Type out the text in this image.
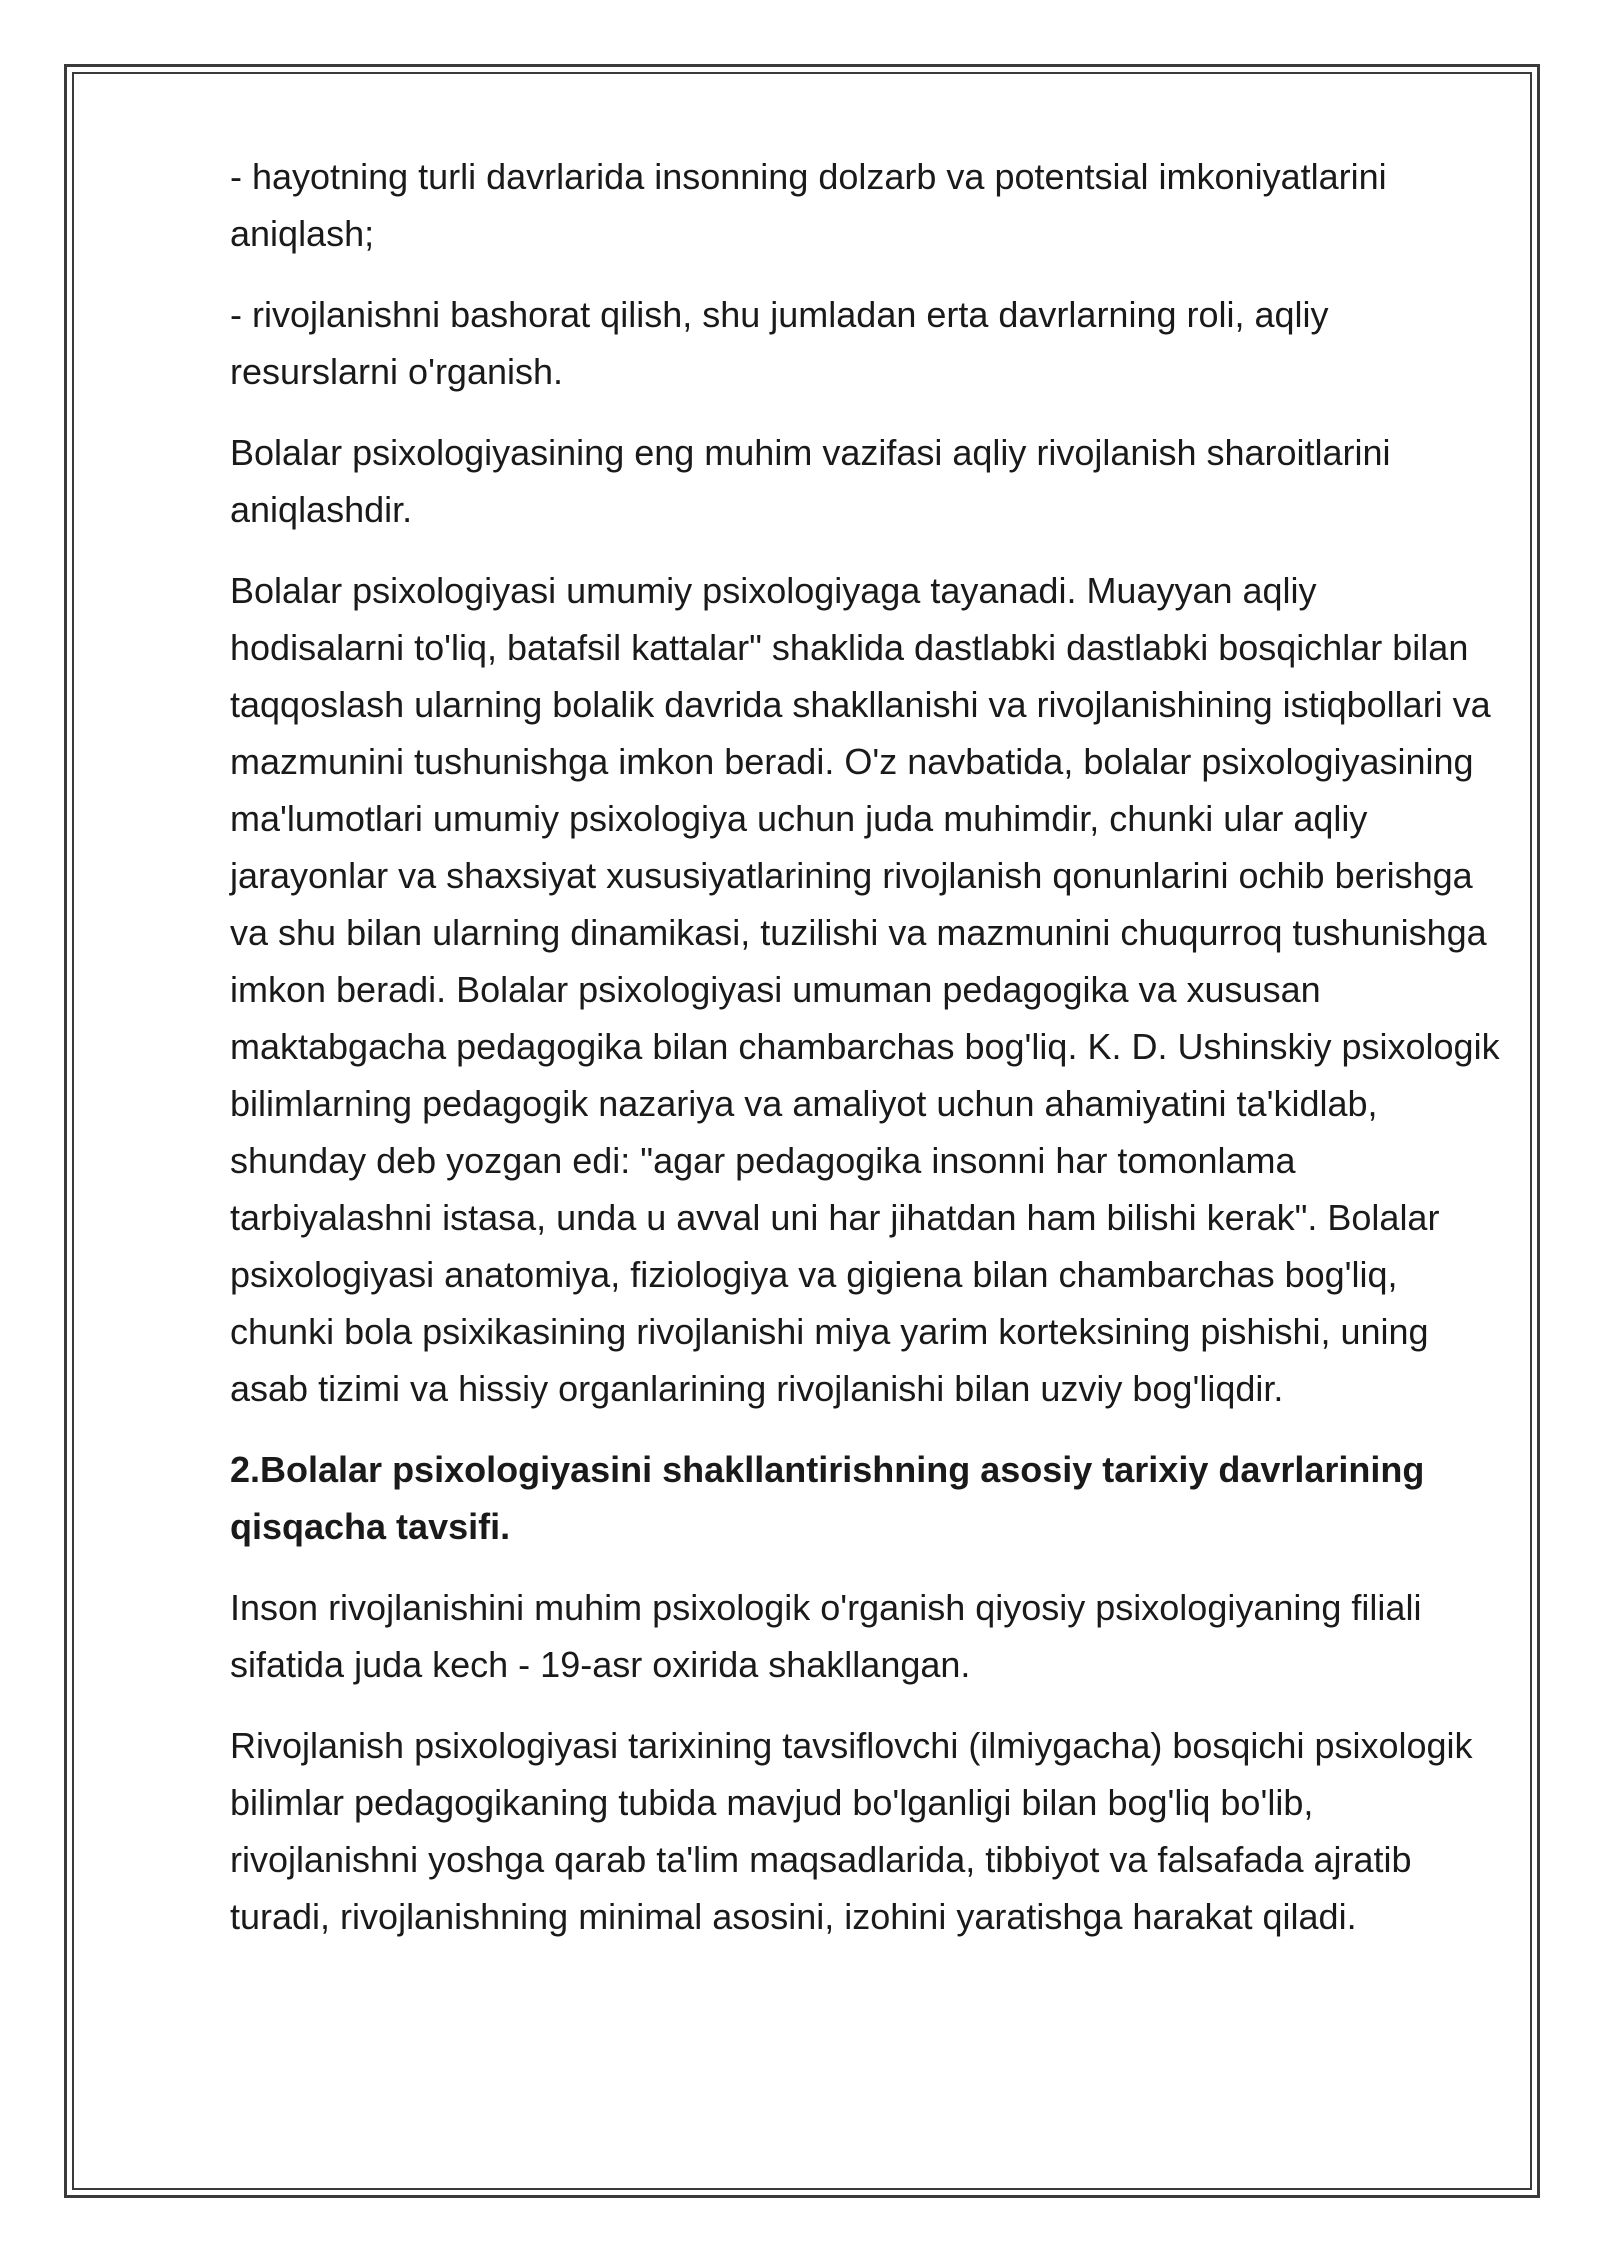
- hayotning turli davrlarida insonning dolzarb va potentsial imkoniyatlarini aniqlash;

- rivojlanishni bashorat qilish, shu jumladan erta davrlarning roli, aqliy resurslarni o'rganish.

Bolalar psixologiyasining eng muhim vazifasi aqliy rivojlanish sharoitlarini aniqlashdir.

Bolalar psixologiyasi umumiy psixologiyaga tayanadi. Muayyan aqliy hodisalarni to'liq, batafsil kattalar" shaklida dastlabki dastlabki bosqichlar bilan taqqoslash ularning bolalik davrida shakllanishi va rivojlanishining istiqbollari va mazmunini tushunishga imkon beradi. O'z navbatida, bolalar psixologiyasining ma'lumotlari umumiy psixologiya uchun juda muhimdir, chunki ular aqliy jarayonlar va shaxsiyat xususiyatlarining rivojlanish qonunlarini ochib berishga va shu bilan ularning dinamikasi, tuzilishi va mazmunini chuqurroq tushunishga imkon beradi. Bolalar psixologiyasi umuman pedagogika va xususan maktabgacha pedagogika bilan chambarchas bog'liq. K. D. Ushinskiy psixologik bilimlarning pedagogik nazariya va amaliyot uchun ahamiyatini ta'kidlab, shunday deb yozgan edi: "agar pedagogika insonni har tomonlama tarbiyalashni istasa, unda u avval uni har jihatdan ham bilishi kerak". Bolalar psixologiyasi anatomiya, fiziologiya va gigiena bilan chambarchas bog'liq, chunki bola psixikasining rivojlanishi miya yarim korteksining pishishi, uning asab tizimi va hissiy organlarining rivojlanishi bilan uzviy bog'liqdir.

2.Bolalar psixologiyasini shakllantirishning asosiy tarixiy davrlarining qisqacha tavsifi.

Inson rivojlanishini muhim psixologik o'rganish qiyosiy psixologiyaning filiali sifatida juda kech - 19-asr oxirida shakllangan.

Rivojlanish psixologiyasi tarixining tavsiflovchi (ilmiygacha) bosqichi psixologik bilimlar pedagogikaning tubida mavjud bo'lganligi bilan bog'liq bo'lib, rivojlanishni yoshga qarab ta'lim maqsadlarida, tibbiyot va falsafada ajratib turadi, rivojlanishning minimal asosini, izohini yaratishga harakat qiladi.
